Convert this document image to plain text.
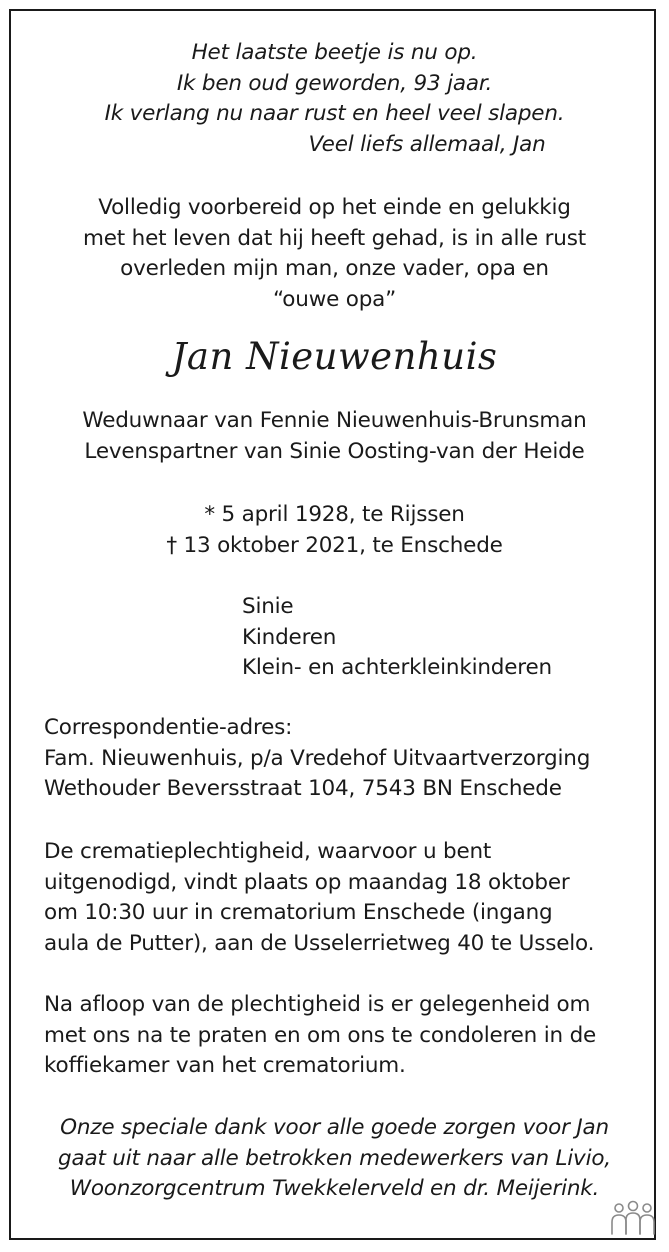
Het laatste beetje is nu op.
Ik ben oud geworden, 93 jaar.
Ik verlang nu naar rust en heel veel slapen.
Veel liefs allemaal, Jan

Volledig voorbereid op het einde en gelukkig
met het leven dat hij heeft gehad, is in alle rust
overleden mijn man, onze vader, opa en
“ouwe opa”

Jan Nieuwenhuis

Weduwnaar van Fennie Nieuwenhuis-Brunsman
Levenspartner van Sinie Oosting-van der Heide

* 5 april 1928, te Rijssen
† 13 oktober 2021, te Enschede

Sinie
Kinderen
Klein- en achterkleinkinderen

Correspondentie-adres:
Fam. Nieuwenhuis, p/a Vredehof Uitvaartverzorging
Wethouder Beversstraat 104, 7543 BN Enschede

De crematieplechtigheid, waarvoor u bent
uitgenodigd, vindt plaats op maandag 18 oktober
om 10:30 uur in crematorium Enschede (ingang
aula de Putter), aan de Usselerrietweg 40 te Usselo.

Na afloop van de plechtigheid is er gelegenheid om
met ons na te praten en om ons te condoleren in de
koffiekamer van het crematorium.

Onze speciale dank voor alle goede zorgen voor Jan
gaat uit naar alle betrokken medewerkers van Livio,
Woonzorgcentrum Twekkelerveld en dr. Meijerink.
